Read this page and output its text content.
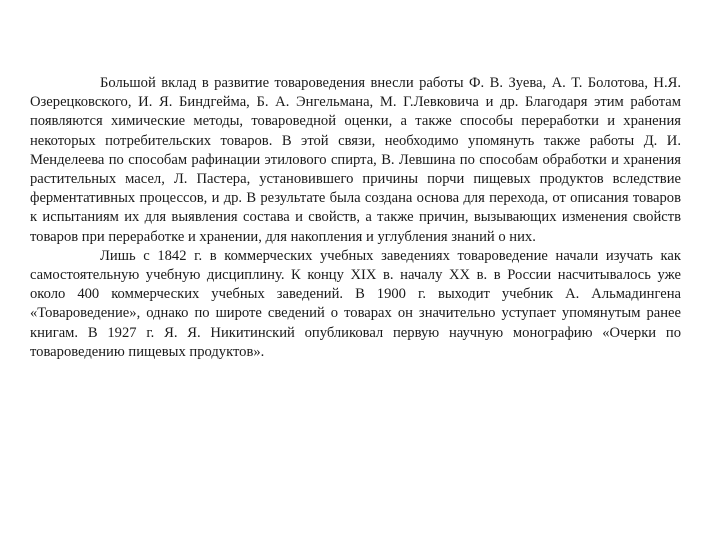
Большой вклад в развитие товароведения внесли работы Ф. В. Зуева, А. Т. Болотова, Н.Я. Озерецковского, И. Я. Биндгейма, Б. А. Энгельмана, М. Г.Левковича и др. Благодаря этим работам появляются химические методы, товароведной оценки, а также способы переработки и хранения некоторых потребительских товаров. В этой связи, необходимо упомянуть также работы Д. И. Менделеева по способам рафинации этилового спирта, В. Левшина по способам обработки и хранения растительных масел, Л. Пастера, установившего причины порчи пищевых продуктов вследствие ферментативных процессов, и др. В результате была создана основа для перехода, от описания товаров к испытаниям их для выявления состава и свойств, а также причин, вызывающих изменения свойств товаров при переработке и хранении, для накопления и углубления знаний о них.

Лишь с 1842 г. в коммерческих учебных заведениях товароведение начали изучать как самостоятельную учебную дисциплину. К концу XIX в. началу XX в. в России насчитывалось уже около 400 коммерческих учебных заведений. В 1900 г. выходит учебник А. Альмадингена «Товароведение», однако по широте сведений о товарах он значительно уступает упомянутым ранее книгам. В 1927 г. Я. Я. Никитинский опубликовал первую научную монографию «Очерки по товароведению пищевых продуктов».
